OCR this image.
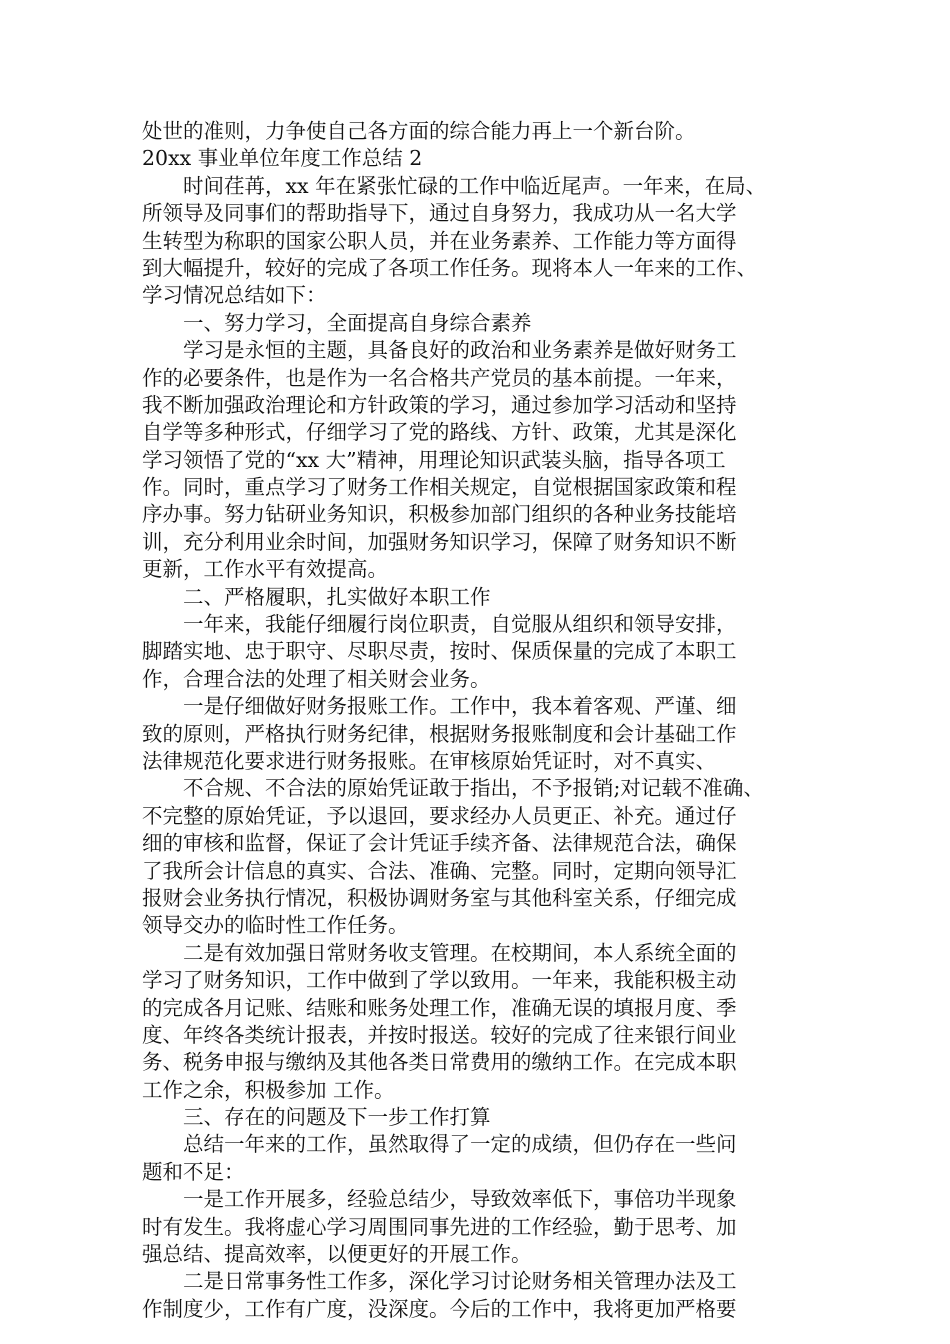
处世的准则，力争使自己各方面的综合能力再上一个新台阶。
20xx 事业单位年度工作总结 2
　　时间荏苒，xx 年在紧张忙碌的工作中临近尾声。一年来，在局、
所领导及同事们的帮助指导下，通过自身努力，我成功从一名大学
生转型为称职的国家公职人员，并在业务素养、工作能力等方面得
到大幅提升，较好的完成了各项工作任务。现将本人一年来的工作、
学习情况总结如下：
　　一、努力学习，全面提高自身综合素养
　　学习是永恒的主题，具备良好的政治和业务素养是做好财务工
作的必要条件，也是作为一名合格共产党员的基本前提。一年来，
我不断加强政治理论和方针政策的学习，通过参加学习活动和坚持
自学等多种形式，仔细学习了党的路线、方针、政策，尤其是深化
学习领悟了党的“xx 大”精神，用理论知识武装头脑，指导各项工
作。同时，重点学习了财务工作相关规定，自觉根据国家政策和程
序办事。努力钻研业务知识，积极参加部门组织的各种业务技能培
训，充分利用业余时间，加强财务知识学习，保障了财务知识不断
更新，工作水平有效提高。
　　二、严格履职，扎实做好本职工作
　　一年来，我能仔细履行岗位职责，自觉服从组织和领导安排，
脚踏实地、忠于职守、尽职尽责，按时、保质保量的完成了本职工
作，合理合法的处理了相关财会业务。
　　一是仔细做好财务报账工作。工作中，我本着客观、严谨、细
致的原则，严格执行财务纪律，根据财务报账制度和会计基础工作
法律规范化要求进行财务报账。在审核原始凭证时，对不真实、
　　不合规、不合法的原始凭证敢于指出，不予报销;对记载不准确、
不完整的原始凭证，予以退回，要求经办人员更正、补充。通过仔
细的审核和监督，保证了会计凭证手续齐备、法律规范合法，确保
了我所会计信息的真实、合法、准确、完整。同时，定期向领导汇
报财会业务执行情况，积极协调财务室与其他科室关系，仔细完成
领导交办的临时性工作任务。
　　二是有效加强日常财务收支管理。在校期间，本人系统全面的
学习了财务知识，工作中做到了学以致用。一年来，我能积极主动
的完成各月记账、结账和账务处理工作，准确无误的填报月度、季
度、年终各类统计报表，并按时报送。较好的完成了往来银行间业
务、税务申报与缴纳及其他各类日常费用的缴纳工作。在完成本职
工作之余，积极参加 工作。
　　三、存在的问题及下一步工作打算
　　总结一年来的工作，虽然取得了一定的成绩，但仍存在一些问
题和不足：
　　一是工作开展多，经验总结少，导致效率低下，事倍功半现象
时有发生。我将虚心学习周围同事先进的工作经验，勤于思考、加
强总结、提高效率，以便更好的开展工作。
　　二是日常事务性工作多，深化学习讨论财务相关管理办法及工
作制度少，工作有广度，没深度。今后的工作中，我将更加严格要
